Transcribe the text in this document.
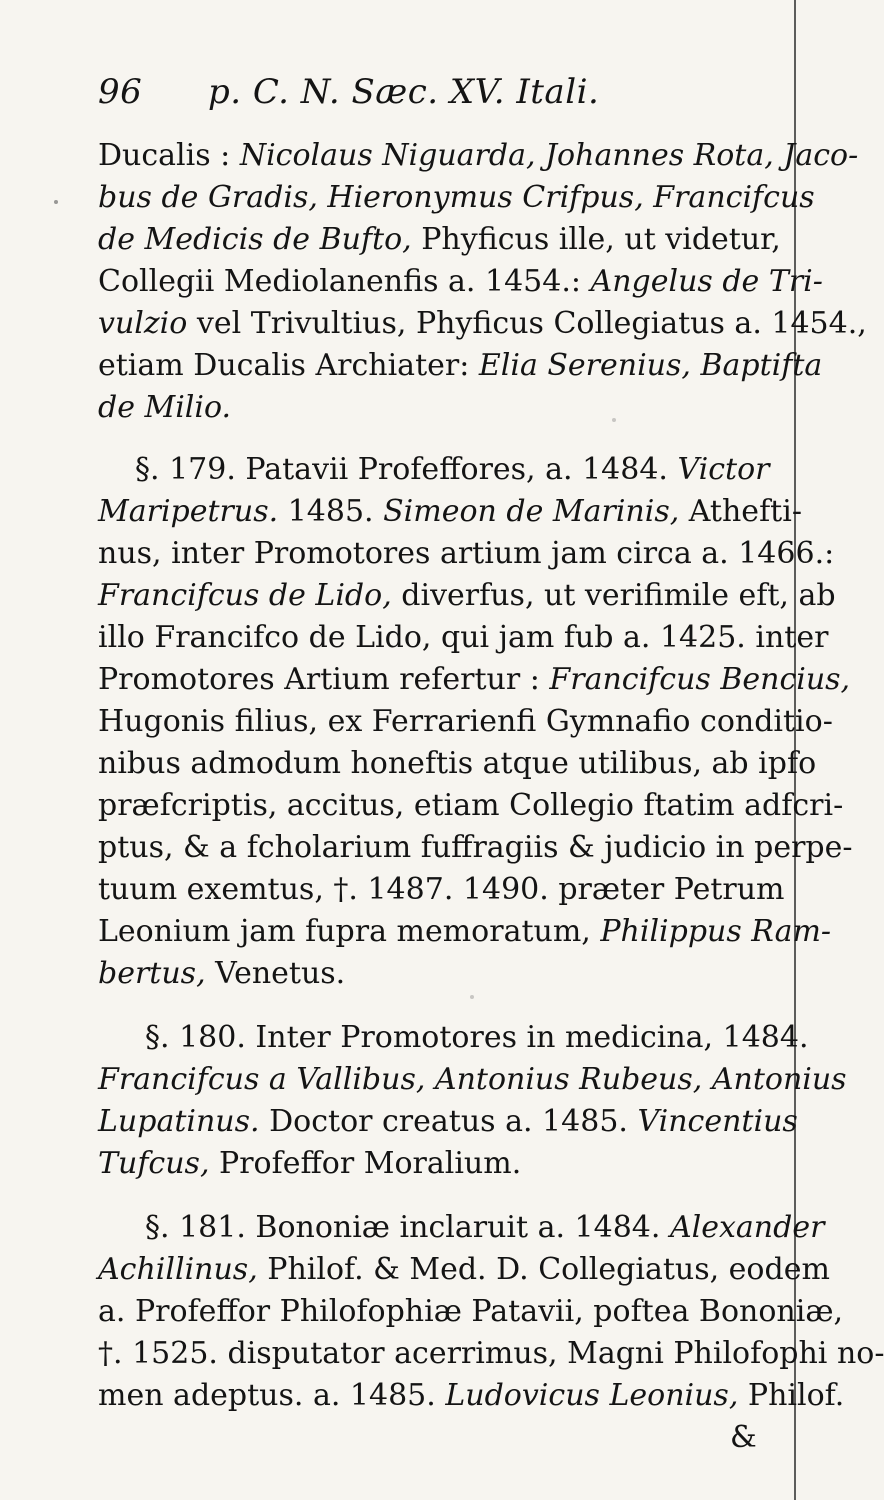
96 p. C. N. Sæc. XV. Itali.
Ducalis : Nicolaus Niguarda, Johannes Rota, Jaco-
bus de Gradis, Hieronymus Crifpus, Francifcus
de Medicis de Bufto, Phyficus ille, ut videtur,
Collegii Mediolanenfis a. 1454.: Angelus de Tri-
vulzio vel Trivultius, Phyficus Collegiatus a. 1454.,
etiam Ducalis Archiater: Elia Serenius, Baptifta
de Milio.
§. 179. Patavii Profeffores, a. 1484. Victor
Maripetrus. 1485. Simeon de Marinis, Athefti-
nus, inter Promotores artium jam circa a. 1466.:
Francifcus de Lido, diverfus, ut verifimile eft, ab
illo Francifco de Lido, qui jam fub a. 1425. inter
Promotores Artium refertur : Francifcus Bencius,
Hugonis filius, ex Ferrarienfi Gymnafio conditio-
nibus admodum honeftis atque utilibus, ab ipfo
præfcriptis, accitus, etiam Collegio ftatim adfcri-
ptus, & a fcholarium fuffragiis & judicio in perpe-
tuum exemtus, †. 1487. 1490. præter Petrum
Leonium jam fupra memoratum, Philippus Ram-
bertus, Venetus.
§. 180. Inter Promotores in medicina, 1484.
Francifcus a Vallibus, Antonius Rubeus, Antonius
Lupatinus. Doctor creatus a. 1485. Vincentius
Tufcus, Profeffor Moralium.
§. 181. Bononiæ inclaruit a. 1484. Alexander
Achillinus, Philof. & Med. D. Collegiatus, eodem
a. Profeffor Philofophiæ Patavii, poftea Bononiæ,
†. 1525. disputator acerrimus, Magni Philofophi no-
men adeptus. a. 1485. Ludovicus Leonius, Philof.
&
